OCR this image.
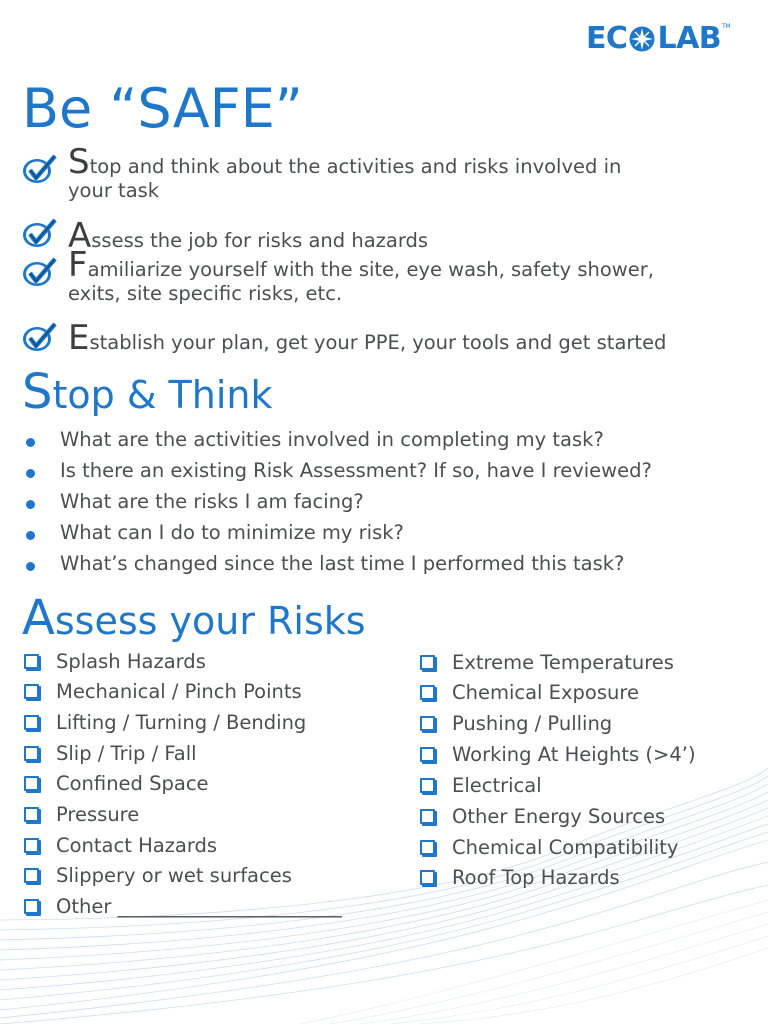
EC LAB TM
Be “SAFE”
Stop and think about the activities and risks involved in
your task
Assess the job for risks and hazards
Familiarize yourself with the site, eye wash, safety shower,
exits, site specific risks, etc.
Establish your plan, get your PPE, your tools and get started
Stop & Think
What are the activities involved in completing my task?
Is there an existing Risk Assessment? If so, have I reviewed?
What are the risks I am facing?
What can I do to minimize my risk?
What’s changed since the last time I performed this task?
Assess your Risks
Splash Hazards
Mechanical / Pinch Points
Lifting / Turning / Bending
Slip / Trip / Fall
Confined Space
Pressure
Contact Hazards
Slippery or wet surfaces
Other _______________________
Extreme Temperatures
Chemical Exposure
Pushing / Pulling
Working At Heights (>4’)
Electrical
Other Energy Sources
Chemical Compatibility
Roof Top Hazards
